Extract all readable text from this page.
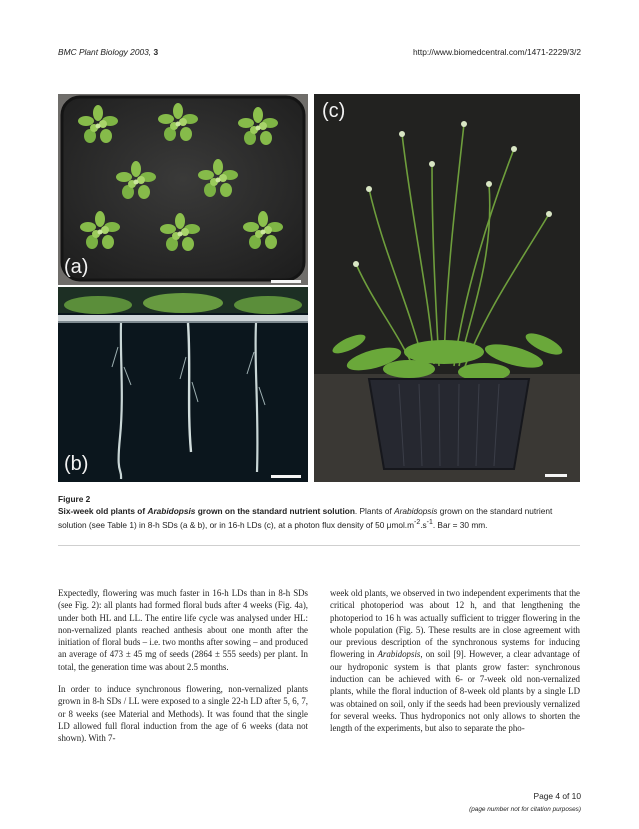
BMC Plant Biology 2003, 3	http://www.biomedcentral.com/1471-2229/3/2
(a)
(b)
(c)
Figure 2
Six-week old plants of Arabidopsis grown on the standard nutrient solution. Plants of Arabidopsis grown on the standard nutrient solution (see Table 1) in 8-h SDs (a & b), or in 16-h LDs (c), at a photon flux density of 50 $\mu mol.m^{-2}.s^{-1}$. Bar = 30 mm.

Expectedly, flowering was much faster in 16-h LDs than in 8-h SDs (see Fig. 2): all plants had formed floral buds after 4 weeks (Fig. 4a), under both HL and LL. The entire life cycle was analysed under HL: non-vernalized plants reached anthesis about one month after the initiation of floral buds – i.e. two months after sowing – and produced an average of 473 ± 45 mg of seeds (2864 ± 555 seeds) per plant. In total, the generation time was about 2.5 months.

In order to induce synchronous flowering, non-vernalized plants grown in 8-h SDs / LL were exposed to a single 22-h LD after 5, 6, 7, or 8 weeks (see Material and Methods). It was found that the single LD allowed full floral induction from the age of 6 weeks (data not shown). With 7-

week old plants, we observed in two independent experiments that the critical photoperiod was about 12 h, and that lengthening the photoperiod to 16 h was actually sufficient to trigger flowering in the whole population (Fig. 5). These results are in close agreement with our previous description of the synchronous systems for inducing flowering in Arabidopsis, on soil [9]. However, a clear advantage of our hydroponic system is that plants grow faster: synchronous induction can be achieved with 6- or 7-week old non-vernalized plants, while the floral induction of 8-week old plants by a single LD was obtained on soil, only if the seeds had been previously vernalized for several weeks. Thus hydroponics not only allows to shorten the length of the experiments, but also to separate the pho-

Page 4 of 10
(page number not for citation purposes)
